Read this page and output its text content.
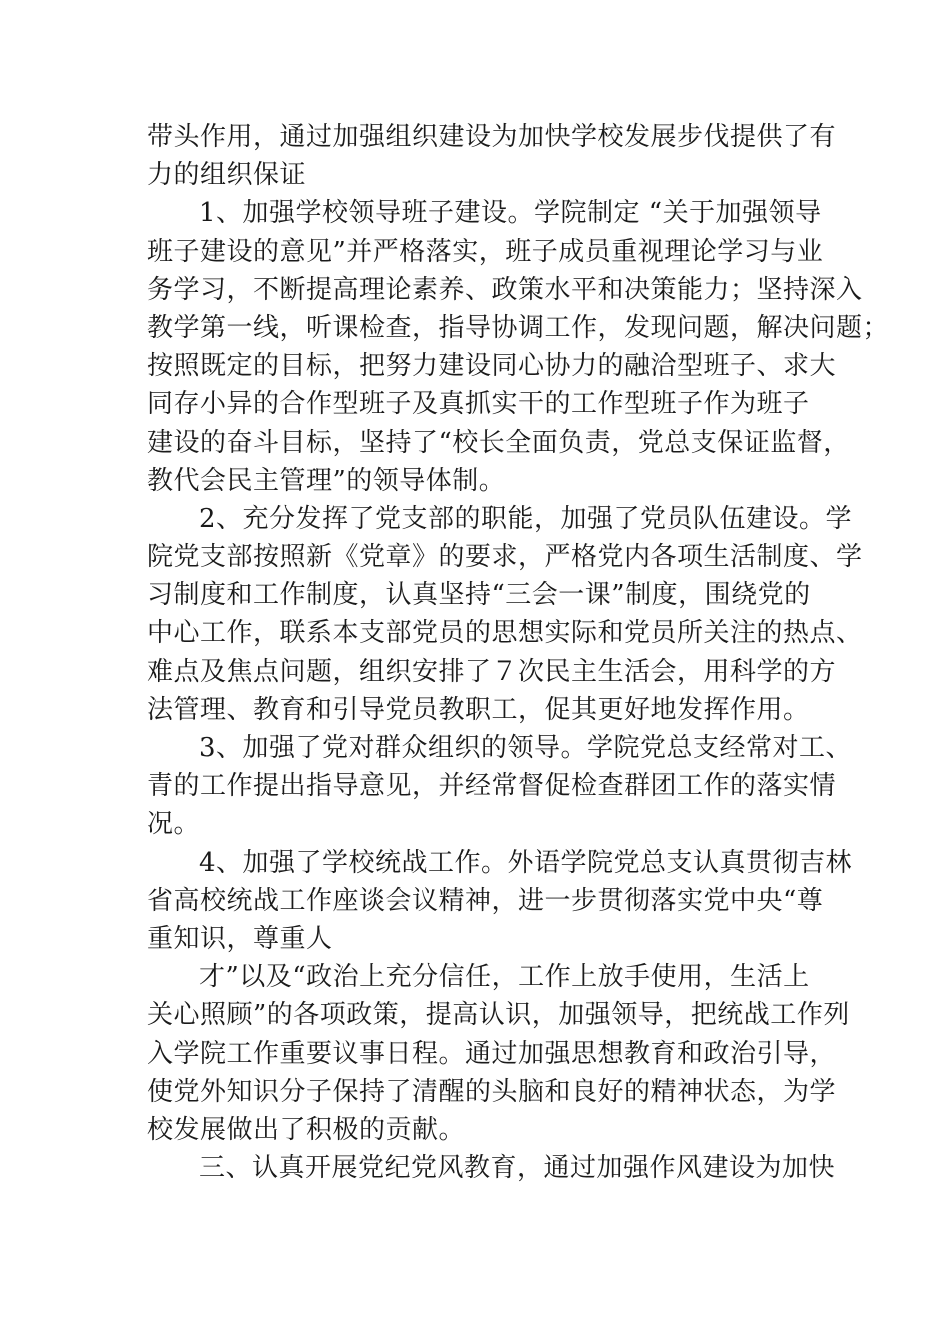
带头作用，通过加强组织建设为加快学校发展步伐提供了有
力的组织保证
1、加强学校领导班子建设。学院制定 “关于加强领导
班子建设的意见”并严格落实，班子成员重视理论学习与业
务学习，不断提高理论素养、政策水平和决策能力；坚持深入
教学第一线，听课检查，指导协调工作，发现问题，解决问题；
按照既定的目标，把努力建设同心协力的融洽型班子、求大
同存小异的合作型班子及真抓实干的工作型班子作为班子
建设的奋斗目标，坚持了“校长全面负责，党总支保证监督，
教代会民主管理”的领导体制。
2、充分发挥了党支部的职能，加强了党员队伍建设。学
院党支部按照新《党章》的要求，严格党内各项生活制度、学
习制度和工作制度，认真坚持“三会一课”制度，围绕党的
中心工作，联系本支部党员的思想实际和党员所关注的热点、
难点及焦点问题，组织安排了７次民主生活会，用科学的方
法管理、教育和引导党员教职工，促其更好地发挥作用。
3、加强了党对群众组织的领导。学院党总支经常对工、
青的工作提出指导意见，并经常督促检查群团工作的落实情
况。
4、加强了学校统战工作。外语学院党总支认真贯彻吉林
省高校统战工作座谈会议精神，进一步贯彻落实党中央“尊
重知识，尊重人
才”以及“政治上充分信任，工作上放手使用，生活上
关心照顾”的各项政策，提高认识，加强领导，把统战工作列
入学院工作重要议事日程。通过加强思想教育和政治引导，
使党外知识分子保持了清醒的头脑和良好的精神状态，为学
校发展做出了积极的贡献。
三、认真开展党纪党风教育，通过加强作风建设为加快
